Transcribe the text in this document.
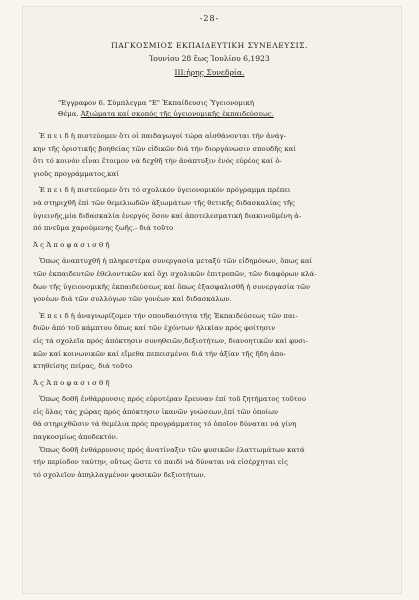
-28-
ΠΑΓΚΟΣΜΙΟΣ ΕΚΠΑΙΔΕΥΤΙΚΗ ΣΥΝΕΛΕΥΣΙΣ.
Ἰουνίου 28 ἕως Ἰουλίου 6,1923
ΙΙΙ:ἠρης Συνεδρία.
"Εγγραφον 6. Σύμπλεγμα "Ε" Ἐκπαίδευσις Ὑγειονομική
Θέμα. Ἀξιώματα καί σκοπός τῆς ὑγειονομικῆς ἐκπαιδεύσεως.
Ἐ π ε ι δ ἡ πιστεύομεν ὅτι οἱ παιδαγωγοί τώρα αἰσθάνονται τήν ἀνάγ-
κην τῆς ὁριστικῆς βοηθείας τῶν εἰδικῶν διά τήν διοργάνωσιν σπουδῆς καί
ὅτι τό κοινόν εἶναι ἕτοιμον νά δεχθῆ τήν ἀνάπτυξιν ἑνός εὐρέος καί ὁ-
γιοῦς προγράμματος,καί
Ἐ π ε ι δ ἡ πιστεύομεν ὅτι τό σχολικόν ὑγειονομικόν πρόγραμμα πρέπει
νά στηριχθῆ ἐπί τῶν θεμελιωδῶν ἀξιωμάτων τῆς θετικῆς διδασκαλίας τῆς
ὑγιεινῆς,μία διδασκαλία ἐνεργός ὅσον καί ἀποτελεσματική διακινοῦμένη ἀ-
πό πνεῦμα χαρούμενης ζωῆς.- διά τοῦτο
Ἀ ς Ἀ π ο φ α σ ι σ θ ῆ
Ὅπως ἀναπτυχθῆ ἡ πληρεστέρα συνεργασία μεταξύ τῶν εἰδημόνων, ὅπως καί
τῶν ἐκπαιδευτῶν ἐθελοντικῶν καί ὄχι σχολικῶν ἐπιτροπῶν, τῶν διαφόρων κλά-
δων τῆς ὑγειονομικῆς ἐκπαιδεύσεως καί ὅπως ἐξασφαλισθῆ ἡ συνεργασία τῶν
γονέων διά τῶν συλλόγων τῶν γονέων καί διδασκάλων.
Ἐ π ε ι δ ἡ ἀναγνωρίζομεν τήν σπουδαιότητα τῆς Ἐκπαιδεύσεως τῶν παι-
διῶν ἀπό τοῦ κάμπτου ὅπως καί τῶν ἐχόντων ἡλικίαν πρός φοίτησιν
εἰς τά σχολεῖα πρός ἀπόκτησιν συνηθειῶν,δεξιοτήτων, διανοητικῶν καί φυσι-
κῶν καί κοινωνικῶν καί εἴμεθα πεπεισμένοι διά τήν ἀξίαν τῆς ἤδη ἀπο-
κτηθείσης πείρας, διά τοῦτο
Ἀ ς Ἀ π ο φ α σ ι σ θ ῆ
Ὅπως δοθῆ ἐνθάρρυνσις πρός εὐρυτέραν ἔρευναν ἐπί τοῦ ζητήματος τοῦτου
εἰς ὅλας τάς χώρας πρός ἀπόκτησιν ἱκανῶν γνώσεων,ἐπί τῶν ὁποίων
θά στηριχθῶσιν τά θεμέλια πρός προγράμματος τό ὁποῖον δύναται νά γίνη
παγκοσμίως ἀποδεκτόν.
Ὅπως δοθῆ ἐνθάρρυνσις πρός ἀνατίναξιν τῶν φυσικῶν ἐλαττωμάτων κατά
τήν περίοδον ταύτην, οὕτως ὥστε τό παιδί νά δύναται νά εἰσέρχηται εἰς
τό σχολεῖον ἀπηλλαγμένον φυσικῶν δεξιοτήτων.
